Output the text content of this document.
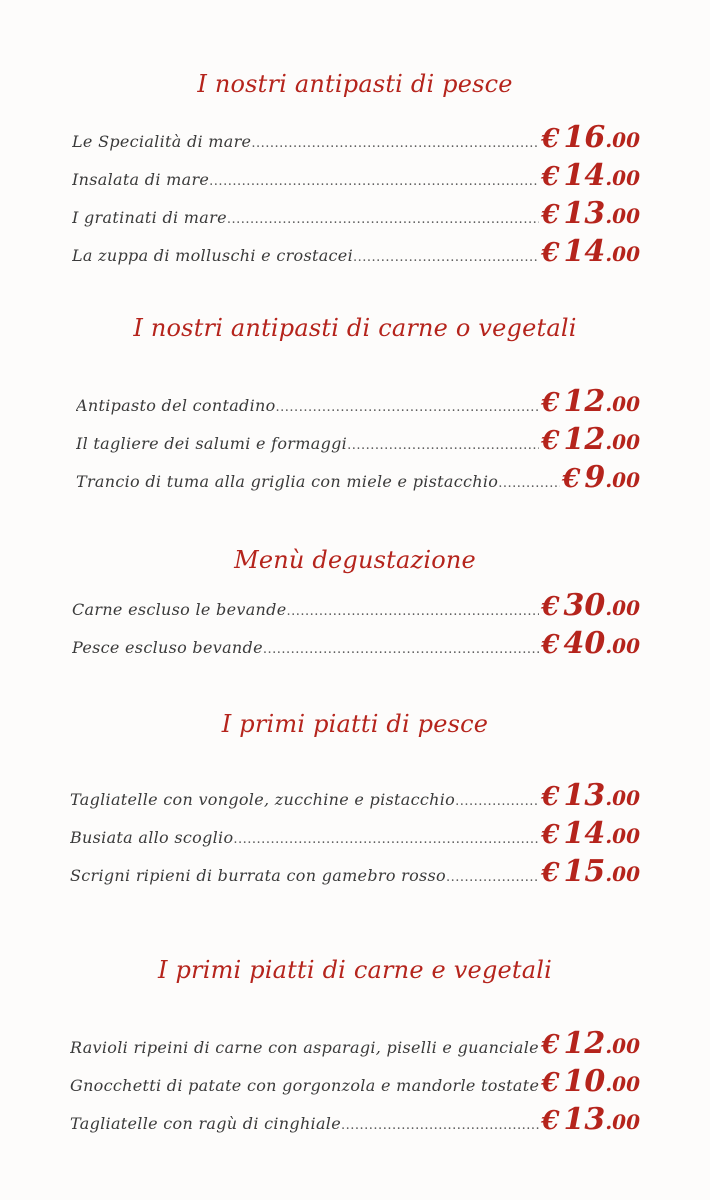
I nostri antipasti di pesce
Le Specialità di mare .....	€ 16.00
Insalata di mare .....	€ 14.00
I gratinati di mare .....	€ 13.00
La zuppa di molluschi e crostacei .....	€ 14.00
I nostri antipasti di carne o vegetali
Antipasto del contadino .....	€ 12.00
Il tagliere dei salumi e formaggi .....	€ 12.00
Trancio di tuma alla griglia con miele e pistacchio ..... € 9.00
Menù degustazione
Carne escluso le bevande .....	€ 30.00
Pesce escluso bevande .....	€ 40.00
I primi piatti di pesce
Tagliatelle con vongole, zucchine e pistacchio .....	€ 13.00
Busiata allo scoglio .....	€ 14.00
Scrigni ripieni di burrata con gamebro rosso .....	€ 15.00
I primi piatti di carne e vegetali
Ravioli ripeini di carne con asparagi, piselli e guanciale ..... € 12.00
Gnocchetti di patate con gorgonzola e mandorle tostate ..... € 10.00
Tagliatelle con ragù di cinghiale .....	€ 13.00
